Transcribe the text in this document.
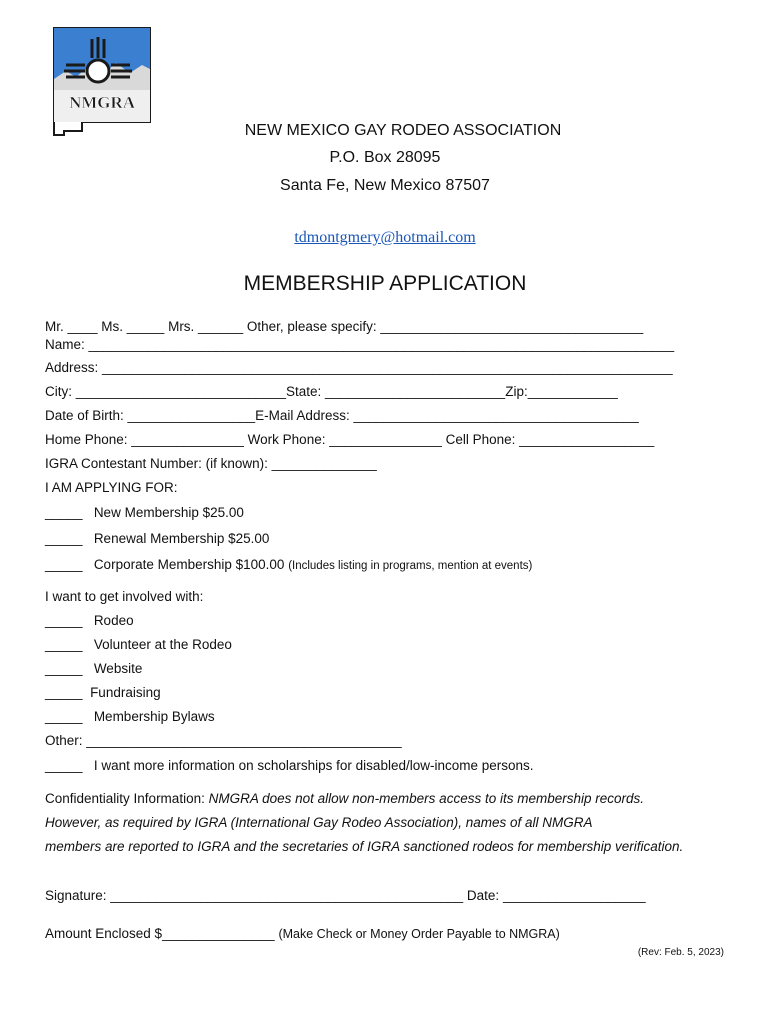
NMGRA
NEW MEXICO GAY RODEO ASSOCIATION
P.O. Box 28095
Santa Fe, New Mexico 87507
tdmontgmery@hotmail.com
MEMBERSHIP APPLICATION
Mr. ____ Ms. _____ Mrs. ______ Other, please specify: ___________________________________
Name: ______________________________________________________________________________
Address: ____________________________________________________________________________
City: ____________________________State: ________________________Zip:____________
Date of Birth: _________________E-Mail Address: ______________________________________
Home Phone: _______________ Work Phone: _______________ Cell Phone: __________________
IGRA Contestant Number: (if known): ______________
I AM APPLYING FOR:
_____ New Membership $25.00
_____ Renewal Membership $25.00
_____ Corporate Membership $100.00 (Includes listing in programs, mention at events)
I want to get involved with:
_____ Rodeo
_____ Volunteer at the Rodeo
_____ Website
_____ Fundraising
_____ Membership Bylaws
Other: __________________________________________
_____ I want more information on scholarships for disabled/low-income persons.
Confidentiality Information: NMGRA does not allow non-members access to its membership records.
However, as required by IGRA (International Gay Rodeo Association), names of all NMGRA
members are reported to IGRA and the secretaries of IGRA sanctioned rodeos for membership verification.
Signature: _______________________________________________ Date: ___________________
Amount Enclosed $_______________ (Make Check or Money Order Payable to NMGRA)
(Rev: Feb. 5, 2023)
